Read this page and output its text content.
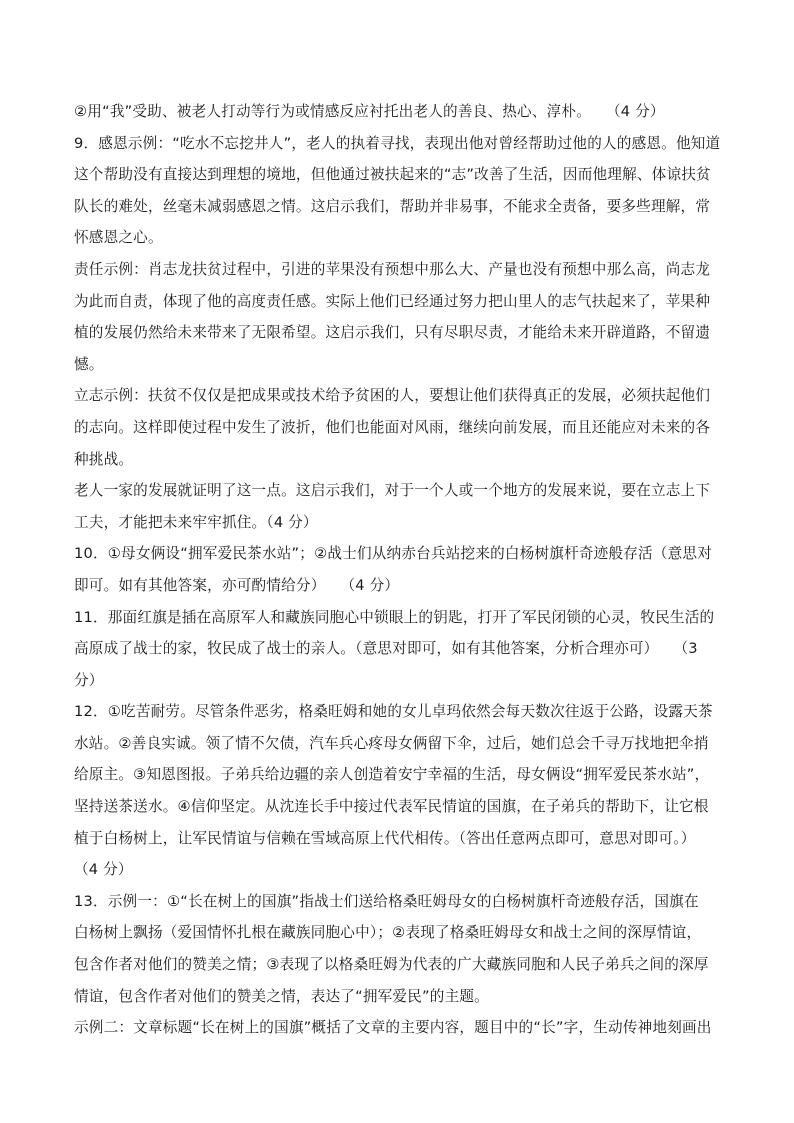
②用“我”受助、被老人打动等行为或情感反应衬托出老人的善良、热心、淳朴。　　（4 分）
9．感恩示例：“吃水不忘挖井人”，老人的执着寻找，表现出他对曾经帮助过他的人的感恩。他知道
这个帮助没有直接达到理想的境地，但他通过被扶起来的“志”改善了生活，因而他理解、体谅扶贫
队长的难处，丝毫未减弱感恩之情。这启示我们，帮助并非易事，不能求全责备，要多些理解，常
怀感恩之心。
责任示例：肖志龙扶贫过程中，引进的苹果没有预想中那么大、产量也没有预想中那么高，尚志龙
为此而自责，体现了他的高度责任感。实际上他们已经通过努力把山里人的志气扶起来了，苹果种
植的发展仍然给未来带来了无限希望。这启示我们，只有尽职尽责，才能给未来开辟道路，不留遗
憾。
立志示例：扶贫不仅仅是把成果或技术给予贫困的人，要想让他们获得真正的发展，必须扶起他们
的志向。这样即使过程中发生了波折，他们也能面对风雨，继续向前发展，而且还能应对未来的各
种挑战。
老人一家的发展就证明了这一点。这启示我们，对于一个人或一个地方的发展来说，要在立志上下
工夫，才能把未来牢牢抓住。（4 分）
10．①母女俩设“拥军爱民茶水站”；②战士们从纳赤台兵站挖来的白杨树旗杆奇迹般存活（意思对
即可。如有其他答案，亦可酌情给分）　　（4 分）
11．那面红旗是插在高原军人和藏族同胞心中锁眼上的钥匙，打开了军民闭锁的心灵，牧民生活的
高原成了战士的家，牧民成了战士的亲人。（意思对即可，如有其他答案，分析合理亦可）　　（3
分）
12．①吃苦耐劳。尽管条件恶劣，格桑旺姆和她的女儿卓玛依然会每天数次往返于公路，设露天茶
水站。②善良实诚。领了情不欠债，汽车兵心疼母女俩留下伞，过后，她们总会千寻万找地把伞捎
给原主。③知恩图报。子弟兵给边疆的亲人创造着安宁幸福的生活，母女俩设“拥军爱民茶水站”，
坚持送茶送水。④信仰坚定。从沈连长手中接过代表军民情谊的国旗，在子弟兵的帮助下，让它根
植于白杨树上，让军民情谊与信赖在雪域高原上代代相传。（答出任意两点即可，意思对即可。）
（4 分）
13．示例一：①“长在树上的国旗”指战士们送给格桑旺姆母女的白杨树旗杆奇迹般存活，国旗在
白杨树上飘扬（爱国情怀扎根在藏族同胞心中）；②表现了格桑旺姆母女和战士之间的深厚情谊，
包含作者对他们的赞美之情；③表现了以格桑旺姆为代表的广大藏族同胞和人民子弟兵之间的深厚
情谊，包含作者对他们的赞美之情，表达了“拥军爱民”的主题。
示例二：文章标题“长在树上的国旗”概括了文章的主要内容，题目中的“长”字，生动传神地刻画出
